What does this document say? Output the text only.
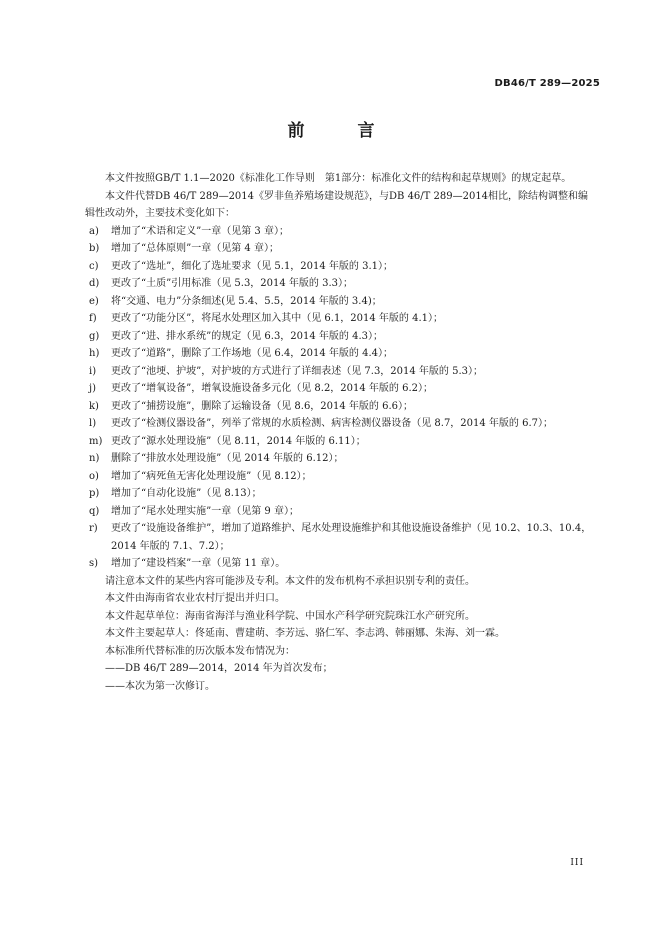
DB46/T 289—2025
前　言

本文件按照GB/T 1.1—2020《标准化工作导则　第1部分：标准化文件的结构和起草规则》的规定起草。

本文件代替DB 46/T 289—2014《罗非鱼养殖场建设规范》，与DB 46/T 289—2014相比，除结构调整和编辑性改动外，主要技术变化如下：

a) 增加了“术语和定义”一章（见第 3 章）；

b) 增加了“总体原则”一章（见第 4 章）；

c) 更改了“选址”，细化了选址要求（见 5.1，2014 年版的 3.1）；

d) 更改了“土质”引用标准（见 5.3，2014 年版的 3.3）；

e) 将“交通、电力”分条细述(见 5.4、5.5，2014 年版的 3.4)；

f) 更改了“功能分区”，将尾水处理区加入其中（见 6.1，2014 年版的 4.1）；

g) 更改了“进、排水系统”的规定（见 6.3，2014 年版的 4.3）；

h) 更改了“道路”，删除了工作场地（见 6.4，2014 年版的 4.4）；

i) 更改了“池埂、护坡”，对护坡的方式进行了详细表述（见 7.3，2014 年版的 5.3）；

j) 更改了“增氧设备”，增氧设施设备多元化（见 8.2，2014 年版的 6.2）；

k) 更改了“捕捞设施”，删除了运输设备（见 8.6，2014 年版的 6.6）；

l) 更改了“检测仪器设备”，列举了常规的水质检测、病害检测仪器设备（见 8.7，2014 年版的 6.7）；

m) 更改了“源水处理设施”（见 8.11，2014 年版的 6.11）；

n) 删除了“排放水处理设施”（见 2014 年版的 6.12）；

o) 增加了“病死鱼无害化处理设施”（见 8.12）；

p) 增加了“自动化设施”（见 8.13）；

q) 增加了“尾水处理实施”一章（见第 9 章）；

r) 更改了“设施设备维护”，增加了道路维护、尾水处理设施维护和其他设施设备维护（见 10.2、10.3、10.4，2014 年版的 7.1、7.2）；

s) 增加了“建设档案”一章（见第 11 章）。

请注意本文件的某些内容可能涉及专利。本文件的发布机构不承担识别专利的责任。

本文件由海南省农业农村厅提出并归口。

本文件起草单位：海南省海洋与渔业科学院、中国水产科学研究院珠江水产研究所。

本文件主要起草人：佟延南、曹建萌、李芳远、骆仁军、李志鸿、韩丽娜、朱海、刘一霖。

本标准所代替标准的历次版本发布情况为：

——DB 46/T 289—2014，2014 年为首次发布；

——本次为第一次修订。

III
